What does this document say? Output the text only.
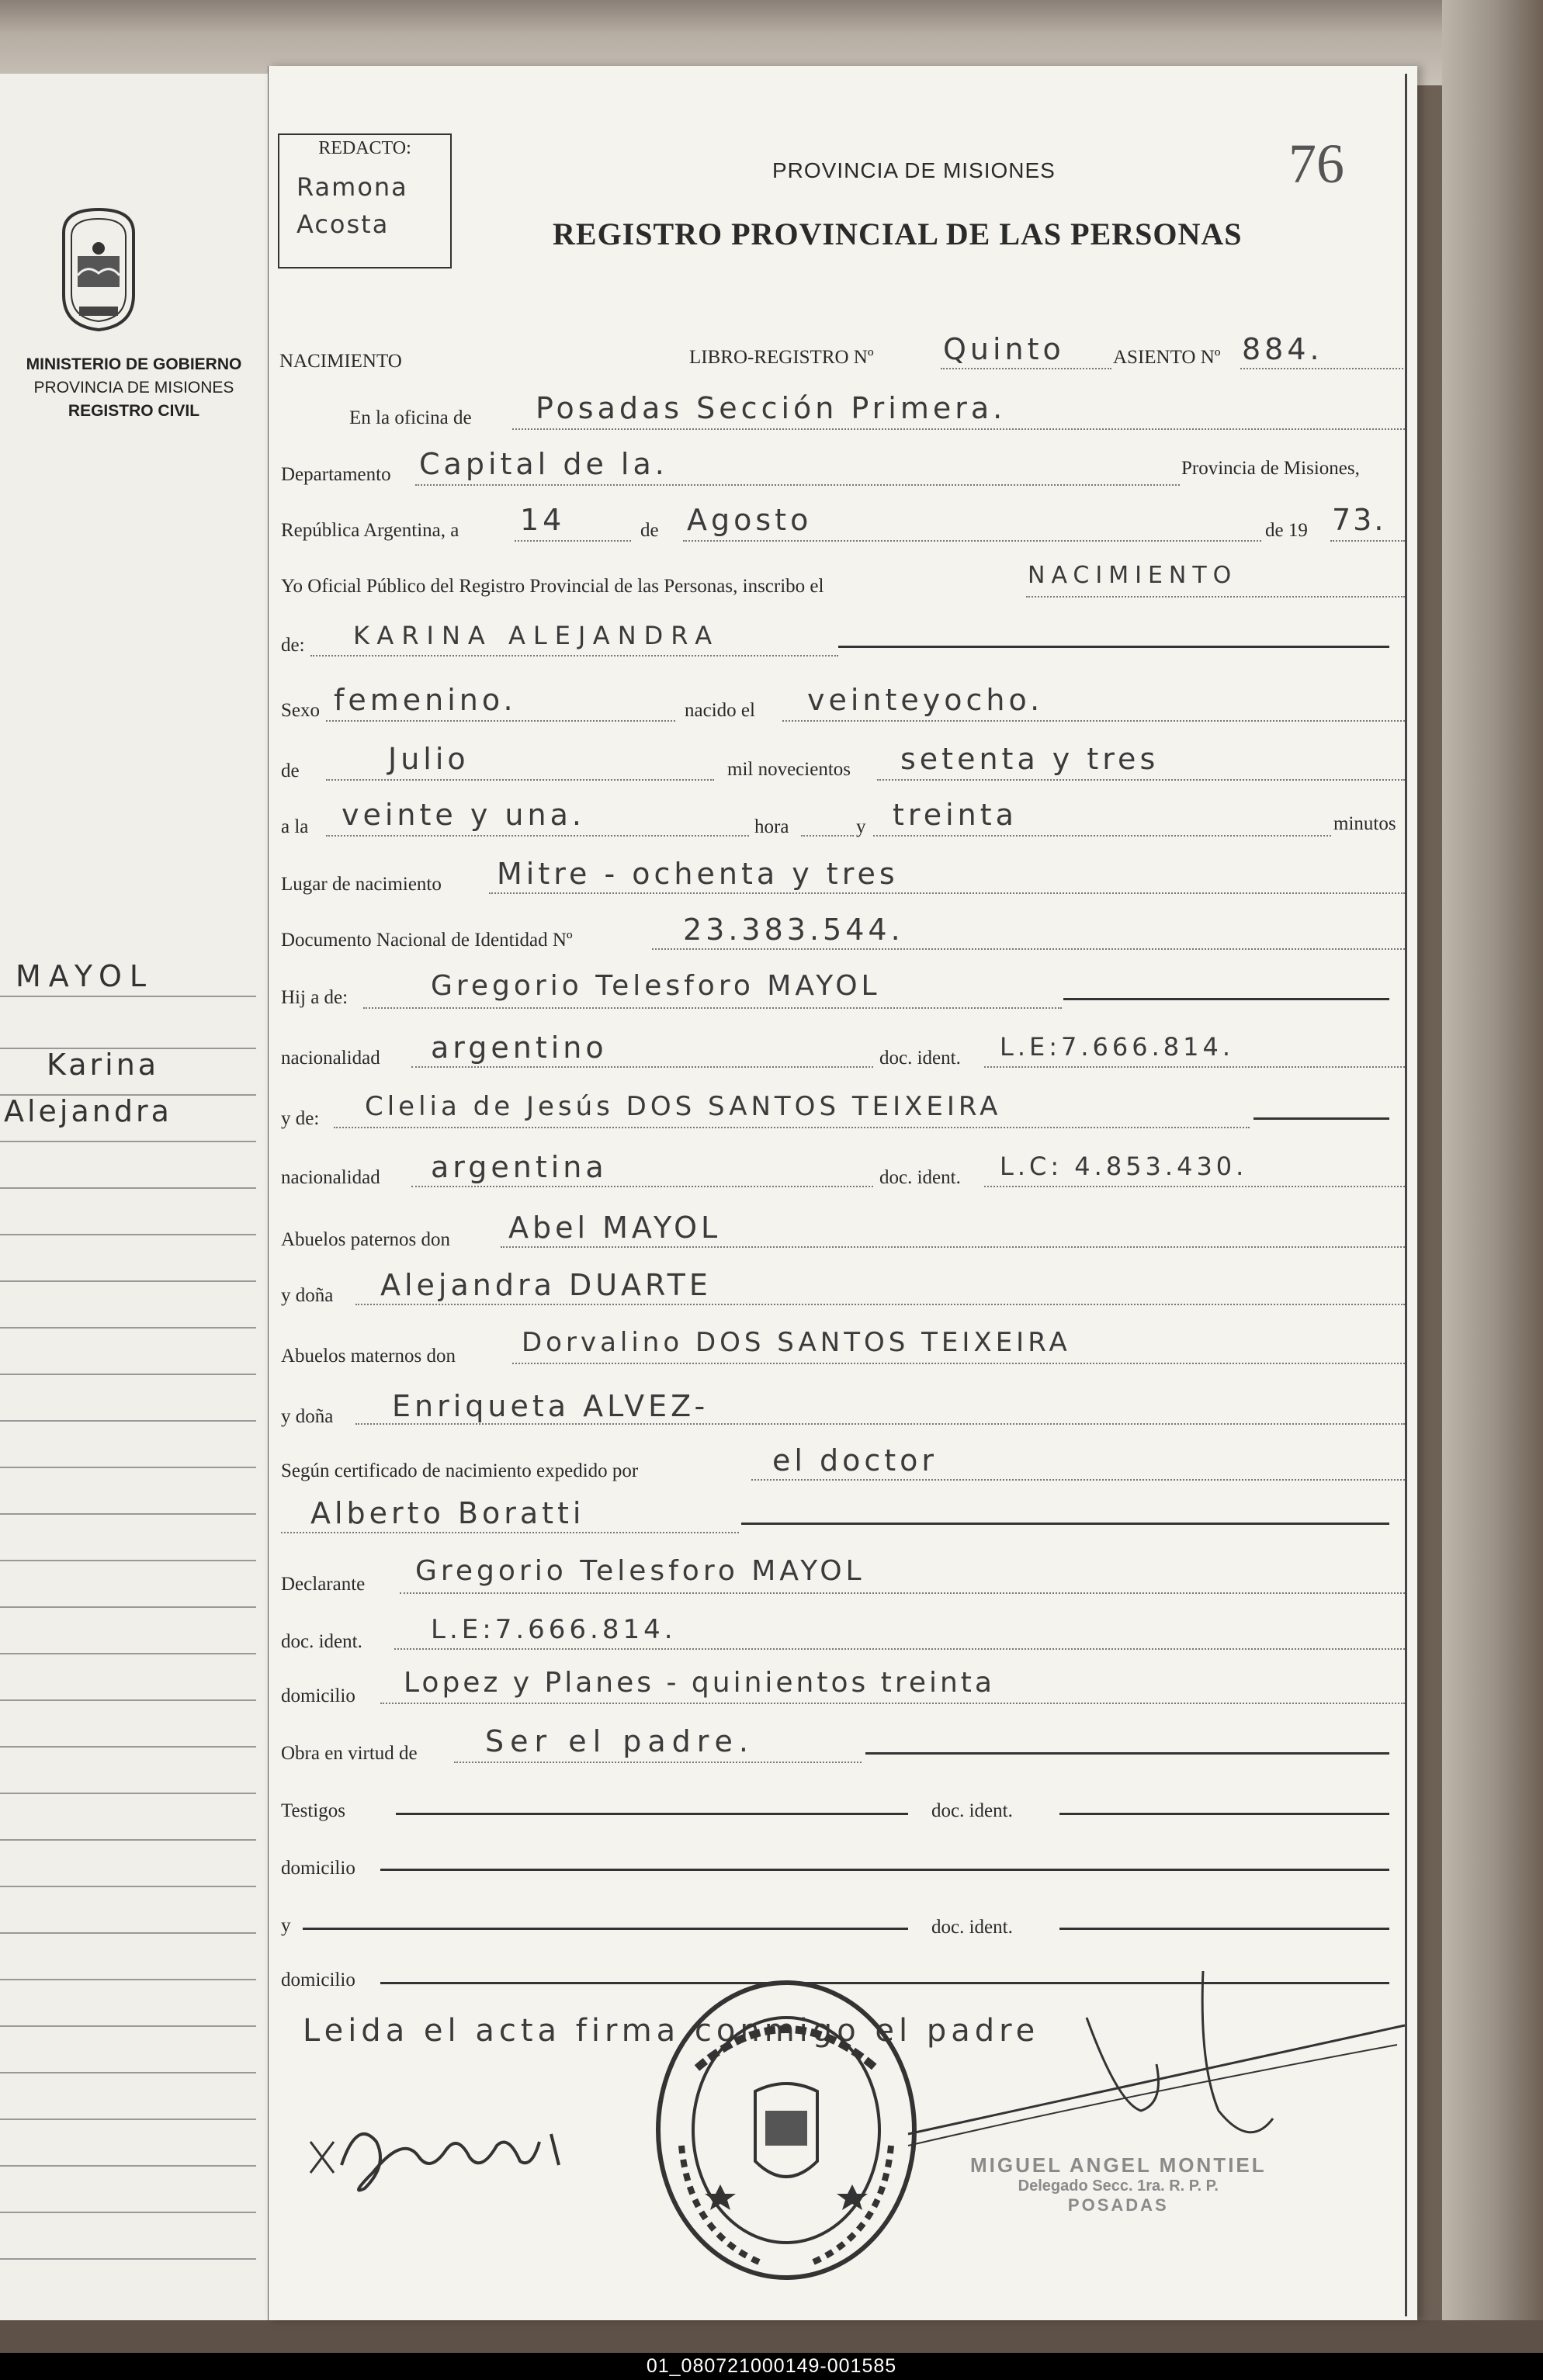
MINISTERIO DE GOBIERNO
PROVINCIA DE MISIONES
REGISTRO CIVIL
MAYOL
Karina
Alejandra
REDACTO:
Ramona
Acosta
76
PROVINCIA DE MISIONES
REGISTRO PROVINCIAL DE LAS PERSONAS
NACIMIENTO	LIBRO-REGISTRO Nº Quinto ASIENTO Nº 884.
En la oficina de Posadas Sección Primera.
Departamento Capital de la.	Provincia de Misiones,
República Argentina, a 14	de Agosto	de 19 73.
Yo Oficial Público del Registro Provincial de las Personas, inscribo el	NACIMIENTO
de: KARINA ALEJANDRA
Sexo femenino.	nacido el veinteyocho.
de	Julio	mil novecientos setenta y tres
a la veinte y una.	hora	y treinta	minutos
Lugar de nacimiento Mitre - ochenta y tres
Documento Nacional de Identidad Nº	23.383.544.
Hij a de:	Gregorio Telesforo MAYOL
nacionalidad argentino	doc. ident. L.E:7.666.814.
y de: Clelia de Jesús DOS SANTOS TEIXEIRA
nacionalidad argentina	doc. ident. L.C: 4.853.430.
Abuelos paternos don Abel MAYOL
y doña Alejandra DUARTE
Abuelos maternos don	Dorvalino DOS SANTOS TEIXEIRA
y doña Enriqueta ALVEZ-
Según certificado de nacimiento expedido por	el doctor
Alberto Boratti
Declarante Gregorio Telesforo MAYOL
doc. ident.	L.E:7.666.814.
domicilio Lopez y Planes - quinientos treinta
Obra en virtud de Ser el padre.
Testigos	doc. ident.
domicilio
y	doc. ident.
domicilio
Leida el acta firma conmigo el padre
MIGUEL ANGEL MONTIEL
Delegado Secc. 1ra. R. P. P.
POSADAS
01_080721000149-001585
